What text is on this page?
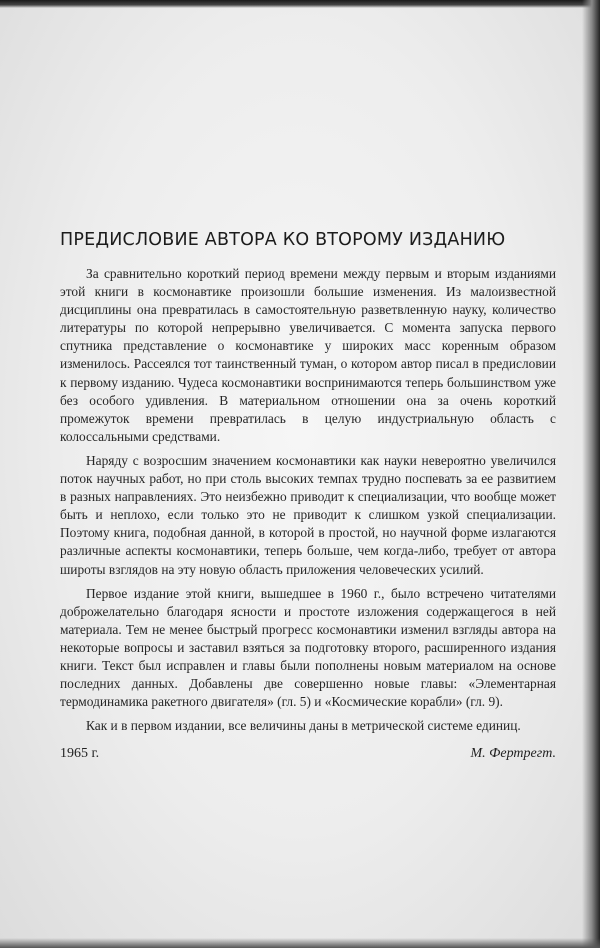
ПРЕДИСЛОВИЕ АВТОРА КО ВТОРОМУ ИЗДАНИЮ

За сравнительно короткий период времени между первым и вторым изданиями этой книги в космонавтике произошли большие изменения. Из малоизвестной дисциплины она превратилась в самостоятельную разветвленную науку, количество литературы по которой непрерывно увеличивается. С момента запуска первого спутника представление о космонавтике у широких масс коренным образом изменилось. Рассеялся тот таинственный туман, о котором автор писал в предисловии к первому изданию. Чудеса космонавтики воспринимаются теперь большинством уже без особого удивления. В материальном отношении она за очень короткий промежуток времени превратилась в целую индустриальную область с колоссальными средствами.

Наряду с возросшим значением космонавтики как науки невероятно увеличился поток научных работ, но при столь высоких темпах трудно поспевать за ее развитием в разных направлениях. Это неизбежно приводит к специализации, что вообще может быть и неплохо, если только это не приводит к слишком узкой специализации. Поэтому книга, подобная данной, в которой в простой, но научной форме излагаются различные аспекты космонавтики, теперь больше, чем когда-либо, требует от автора широты взглядов на эту новую область приложения человеческих усилий.

Первое издание этой книги, вышедшее в 1960 г., было встречено читателями доброжелательно благодаря ясности и простоте изложения содержащегося в ней материала. Тем не менее быстрый прогресс космонавтики изменил взгляды автора на некоторые вопросы и заставил взяться за подготовку второго, расширенного издания книги. Текст был исправлен и главы были пополнены новым материалом на основе последних данных. Добавлены две совершенно новые главы: «Элементарная термодинамика ракетного двигателя» (гл. 5) и «Космические корабли» (гл. 9).

Как и в первом издании, все величины даны в метрической системе единиц.

1965 г.	М. Фертрегт.
